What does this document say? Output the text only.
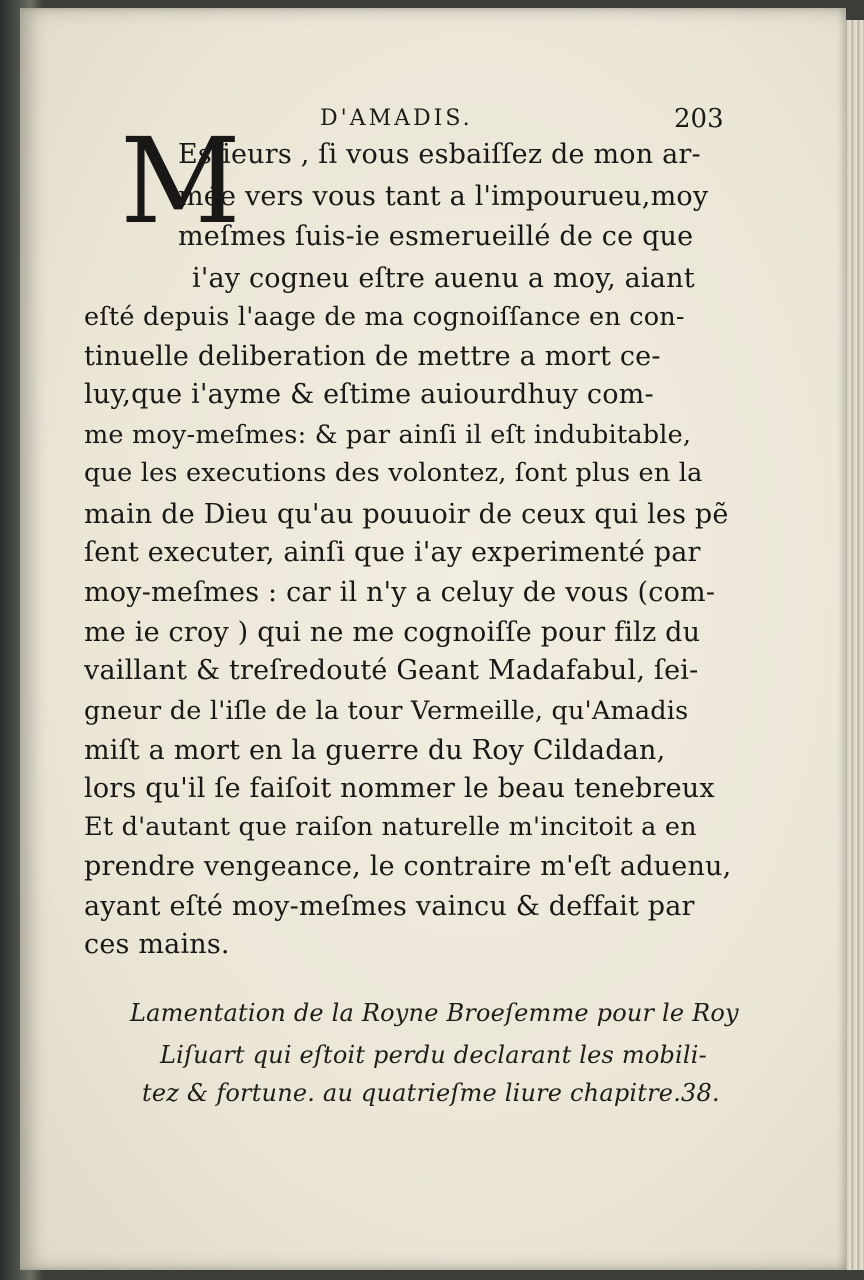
D'AMADIS.	203
M
Esſieurs , ſi vous esbaiſſez de mon ar-
mée vers vous tant a l'impourueu,moy
meſmes ſuis-ie esmerueillé de ce que
i'ay cogneu eſtre auenu a moy, aiant
eſté depuis l'aage de ma cognoiſſance en con-
tinuelle deliberation de mettre a mort ce-
luy,que i'ayme & eſtime auiourdhuy com-
me moy-meſmes: & par ainſi il eſt indubitable,
que les executions des volontez, ſont plus en la
main de Dieu qu'au pouuoir de ceux qui les pẽ
ſent executer, ainſi que i'ay experimenté par
moy-meſmes : car il n'y a celuy de vous (com-
me ie croy ) qui ne me cognoiſſe pour filz du
vaillant & treſredouté Geant Madafabul, ſei-
gneur de l'iſle de la tour Vermeille, qu'Amadis
miſt a mort en la guerre du Roy Cildadan,
lors qu'il ſe faiſoit nommer le beau tenebreux
Et d'autant que raiſon naturelle m'incitoit a en
prendre vengeance, le contraire m'eſt aduenu,
ayant eſté moy-meſmes vaincu & deffait par
ces mains.
Lamentation de la Royne Broeſemme pour le Roy
Liſuart qui eſtoit perdu declarant les mobili-
tez & fortune. au quatrieſme liure chapitre.38.
